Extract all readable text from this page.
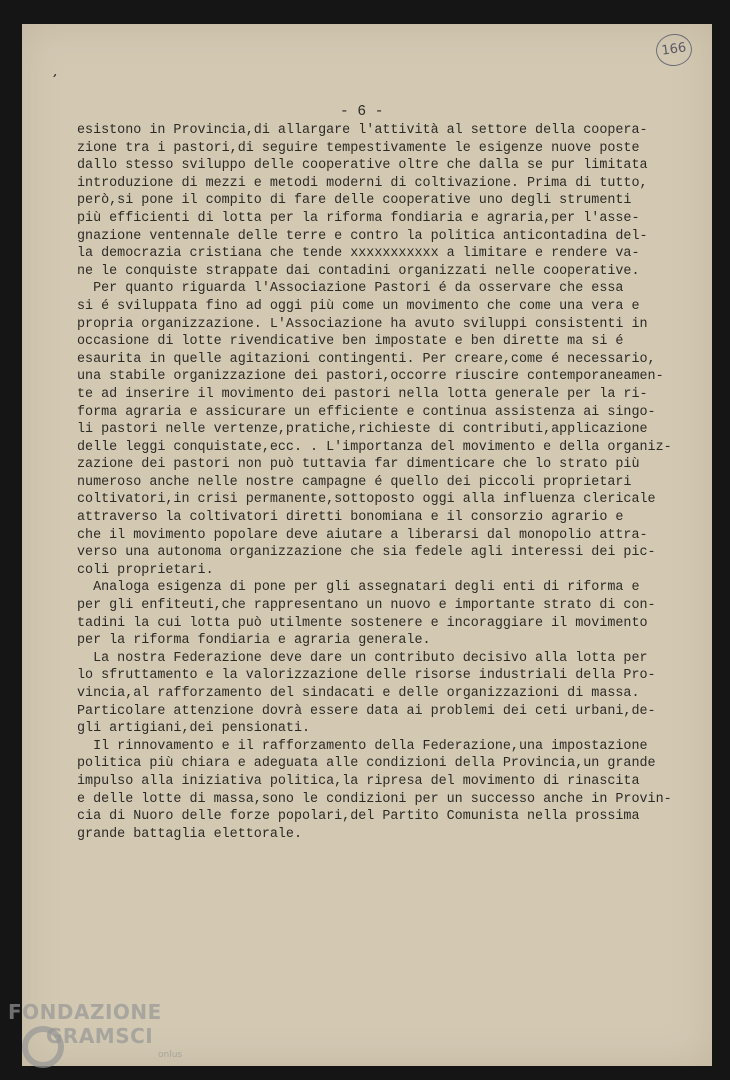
166
,
- 6 -
esistono in Provincia,di allargare l'attività al settore della coopera-
zione tra i pastori,di seguire tempestivamente le esigenze nuove poste
dallo stesso sviluppo delle cooperative oltre che dalla se pur limitata
introduzione di mezzi e metodi moderni di coltivazione. Prima di tutto,
però,si pone il compito di fare delle cooperative uno degli strumenti
più efficienti di lotta per la riforma fondiaria e agraria,per l'asse-
gnazione ventennale delle terre e contro la politica anticontadina del-
la democrazia cristiana che tende xxxxxxxxxxx a limitare e rendere va-
ne le conquiste strappate dai contadini organizzati nelle cooperative.
Per quanto riguarda l'Associazione Pastori é da osservare che essa
si é sviluppata fino ad oggi più come un movimento che come una vera e
propria organizzazione. L'Associazione ha avuto sviluppi consistenti in
occasione di lotte rivendicative ben impostate e ben dirette ma si é
esaurita in quelle agitazioni contingenti. Per creare,come é necessario,
una stabile organizzazione dei pastori,occorre riuscire contemporaneamen-
te ad inserire il movimento dei pastori nella lotta generale per la ri-
forma agraria e assicurare un efficiente e continua assistenza ai singo-
li pastori nelle vertenze,pratiche,richieste di contributi,applicazione
delle leggi conquistate,ecc. . L'importanza del movimento e della organiz-
zazione dei pastori non può tuttavia far dimenticare che lo strato più
numeroso anche nelle nostre campagne é quello dei piccoli proprietari
coltivatori,in crisi permanente,sottoposto oggi alla influenza clericale
attraverso la coltivatori diretti bonomiana e il consorzio agrario e
che il movimento popolare deve aiutare a liberarsi dal monopolio attra-
verso una autonoma organizzazione che sia fedele agli interessi dei pic-
coli proprietari.
Analoga esigenza di pone per gli assegnatari degli enti di riforma e
per gli enfiteuti,che rappresentano un nuovo e importante strato di con-
tadini la cui lotta può utilmente sostenere e incoraggiare il movimento
per la riforma fondiaria e agraria generale.
La nostra Federazione deve dare un contributo decisivo alla lotta per
lo sfruttamento e la valorizzazione delle risorse industriali della Pro-
vincia,al rafforzamento del sindacati e delle organizzazioni di massa.
Particolare attenzione dovrà essere data ai problemi dei ceti urbani,de-
gli artigiani,dei pensionati.
Il rinnovamento e il rafforzamento della Federazione,una impostazione
politica più chiara e adeguata alle condizioni della Provincia,un grande
impulso alla iniziativa politica,la ripresa del movimento di rinascita
e delle lotte di massa,sono le condizioni per un successo anche in Provin-
cia di Nuoro delle forze popolari,del Partito Comunista nella prossima
grande battaglia elettorale.
FONDAZIONE
GRAMSCI
onlus
